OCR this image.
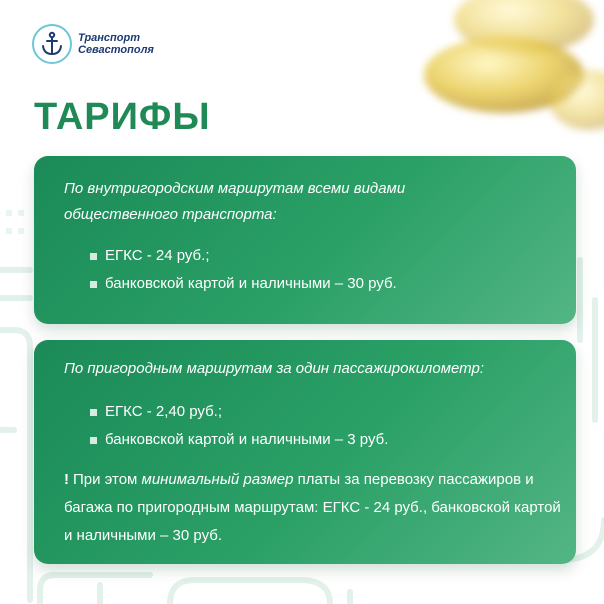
Транспорт
Севастополя
ТАРИФЫ
По внутригородским маршрутам всеми видами
общественного транспорта:
ЕГКС - 24 руб.;
банковской картой и наличными – 30 руб.
По пригородным маршрутам за один пассажирокилометр:
ЕГКС - 2,40 руб.;
банковской картой и наличными – 3 руб.
! При этом минимальный размер платы за перевозку пассажиров и багажа по пригородным маршрутам: ЕГКС - 24 руб., банковской картой и наличными – 30 руб.
